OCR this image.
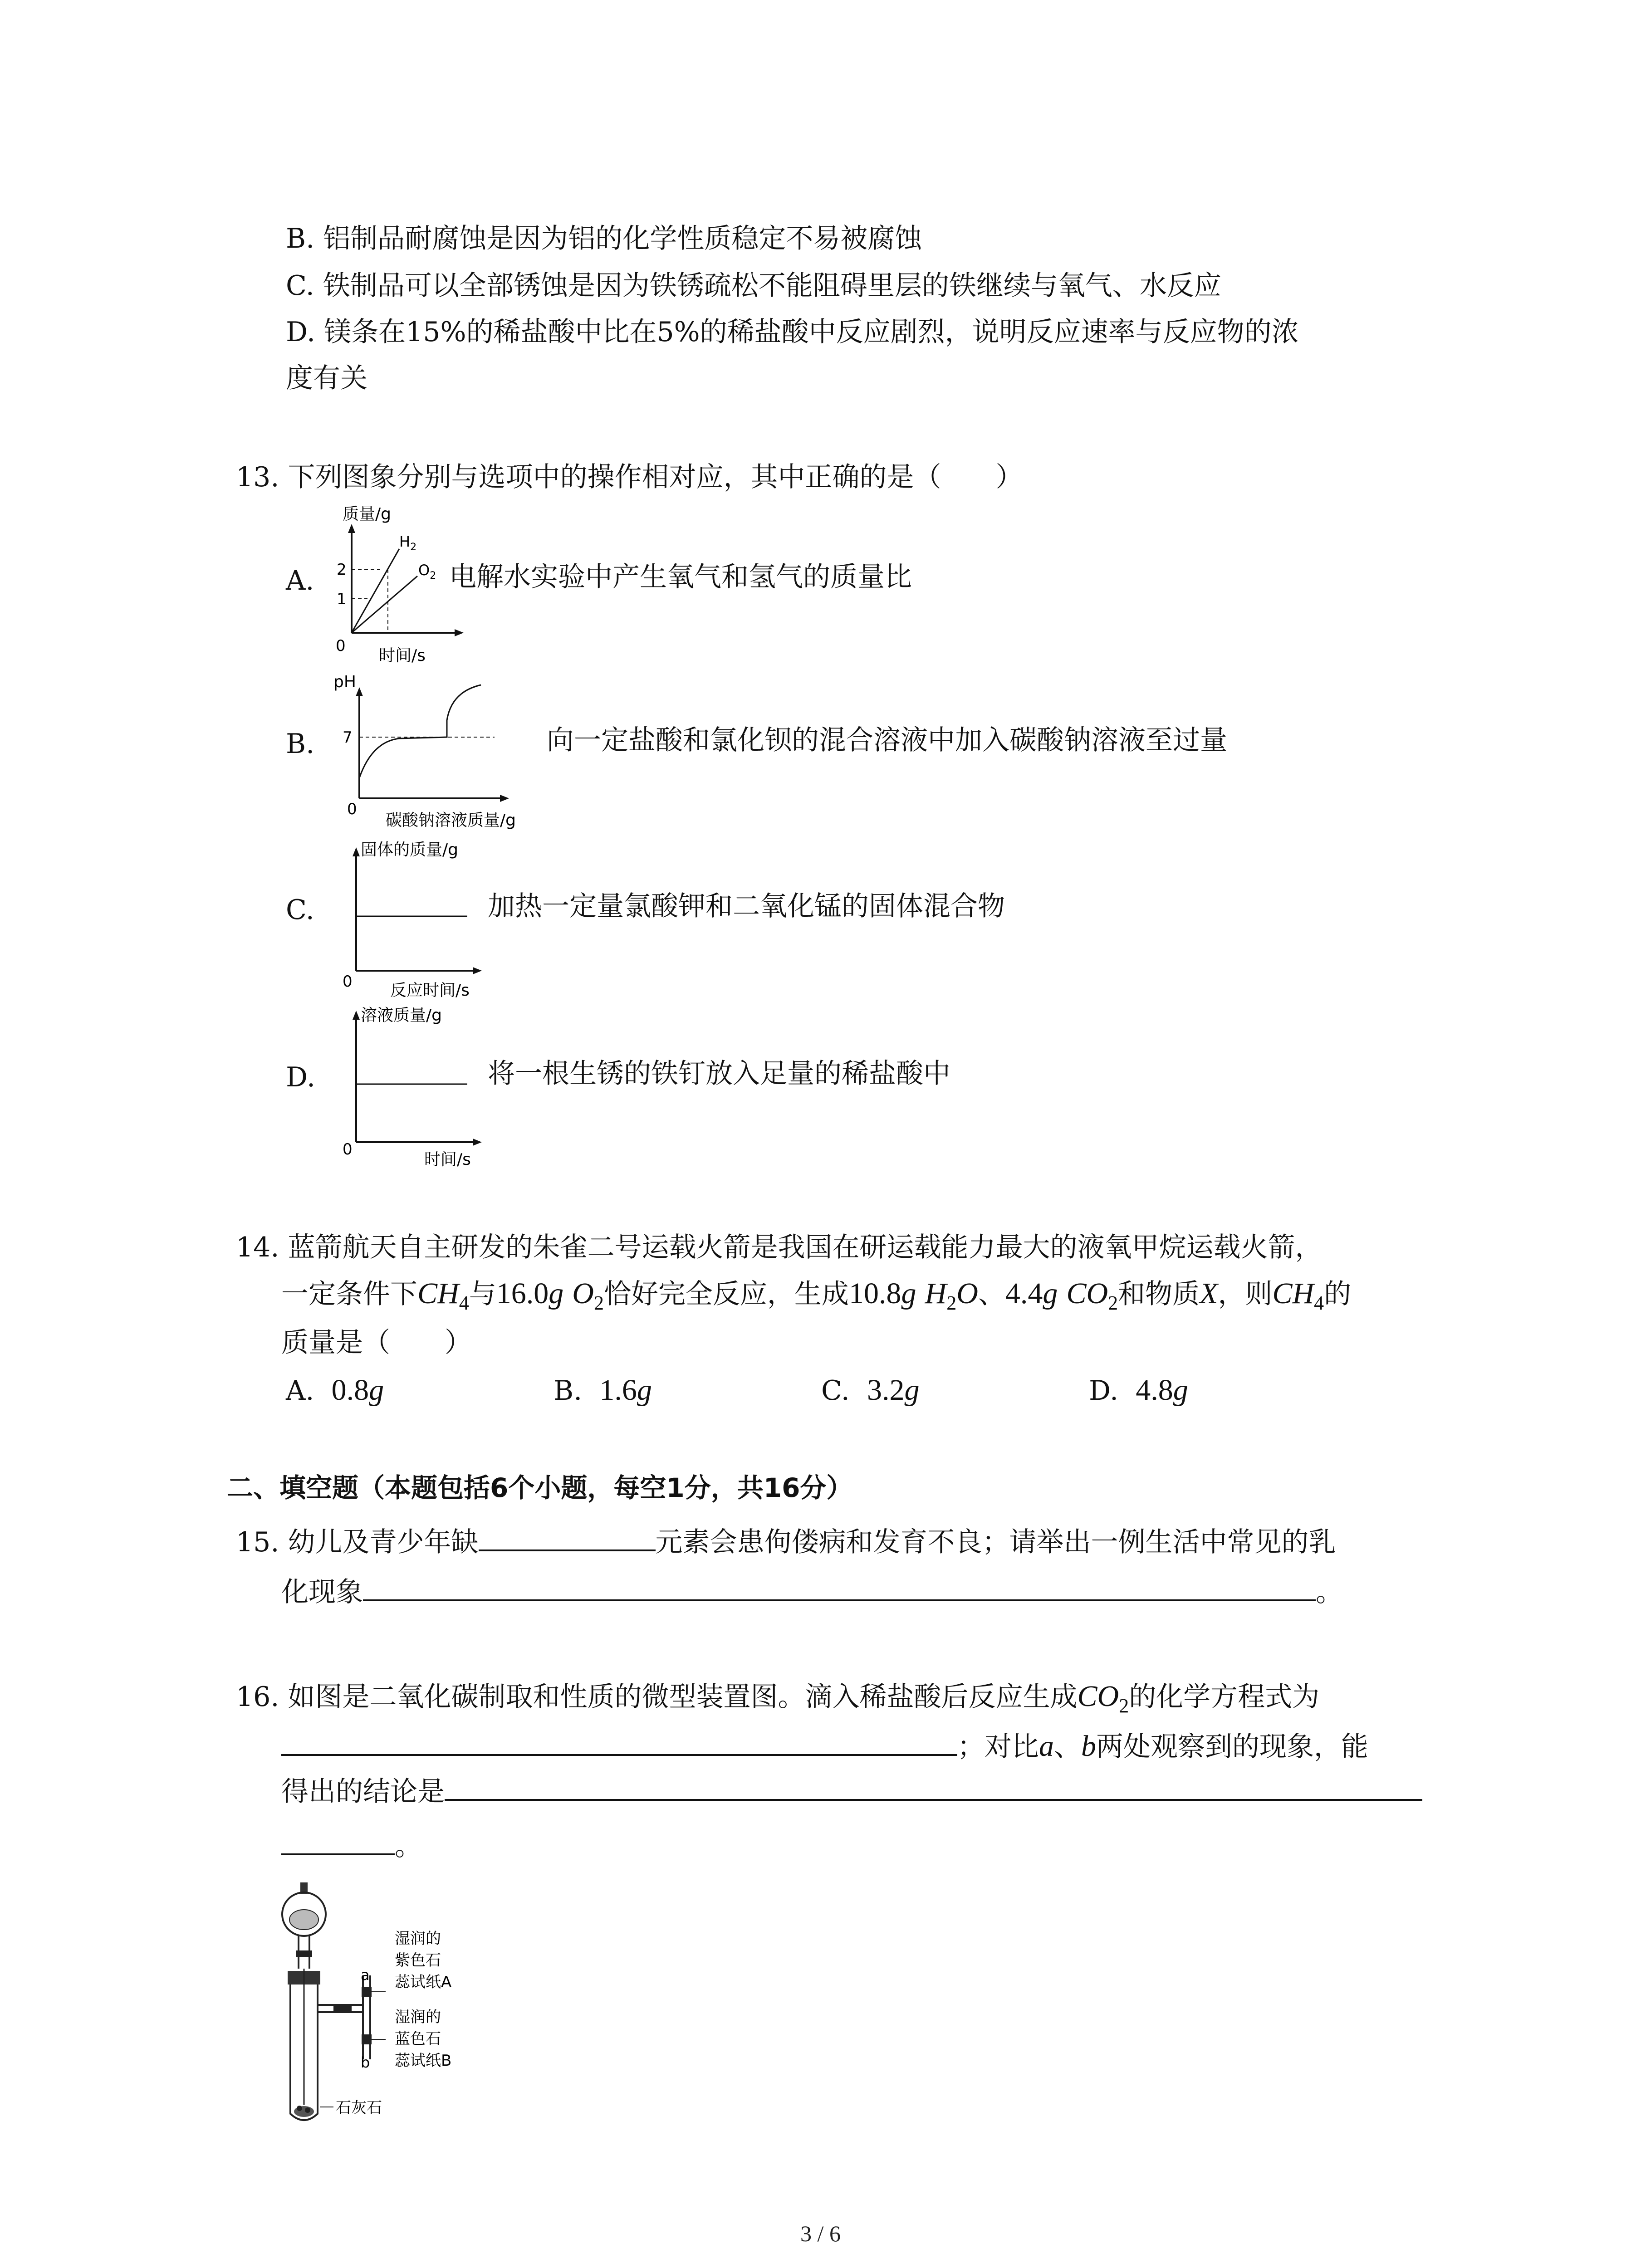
B. 铝制品耐腐蚀是因为铝的化学性质稳定不易被腐蚀
C. 铁制品可以全部锈蚀是因为铁锈疏松不能阻碍里层的铁继续与氧气、水反应
D. 镁条在15%的稀盐酸中比在5%的稀盐酸中反应剧烈，说明反应速率与反应物的浓
度有关
13. 下列图象分别与选项中的操作相对应，其中正确的是（　　）
质量/g
2
1
$H_2$
$O_2$
0
时间/s
A.	电解水实验中产生氧气和氢气的质量比
pH
7
0
碳酸钠溶液质量/g
B.	向一定盐酸和氯化钡的混合溶液中加入碳酸钠溶液至过量
固体的质量/g
0 反应时间/s
C.	加热一定量氯酸钾和二氧化锰的固体混合物
溶液质量/g
0
时间/s
D.	将一根生锈的铁钉放入足量的稀盐酸中
14. 蓝箭航天自主研发的朱雀二号运载火箭是我国在研运载能力最大的液氧甲烷运载火箭，
一定条件下$CH_4$与16.0g $O_2$恰好完全反应，生成10.8g $H_2O$、4.4g $CO_2$和物质X，则$CH_4$的
质量是（　　）
A. 0.8g	B. 1.6g	C. 3.2g	D. 4.8g
二、填空题（本题包括6个小题，每空1分，共16分）
15. 幼儿及青少年缺	元素会患佝偻病和发育不良；请举出一例生活中常见的乳
化现象	。
16. 如图是二氧化碳制取和性质的微型装置图。滴入稀盐酸后反应生成$CO_2$的化学方程式为
；对比a、b两处观察到的现象，能
得出的结论是
。
a
b
湿润的
紫色石
蕊试纸A
湿润的
蓝色石
蕊试纸B
石灰石
3 / 6
